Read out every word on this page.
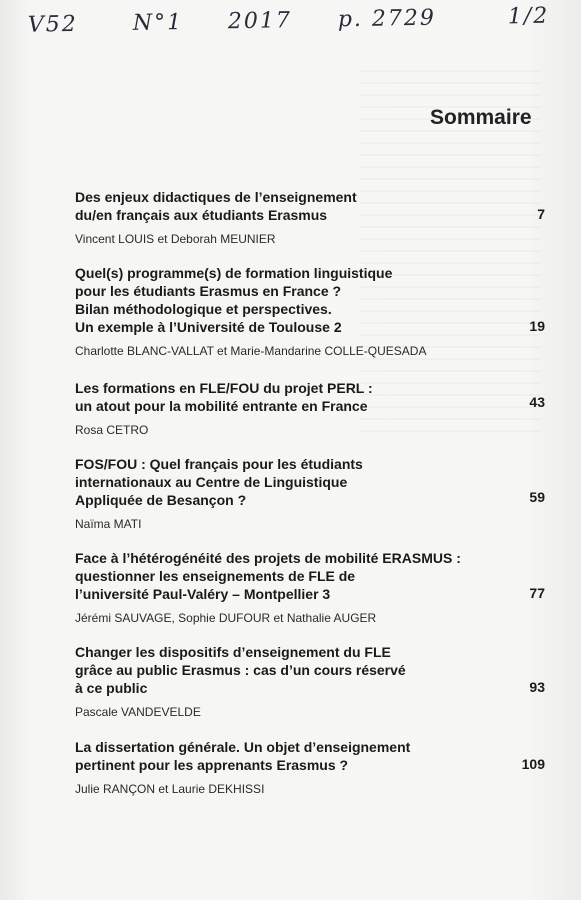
V52 N°1 2017 p. 2729	1/2
Sommaire
Des enjeux didactiques de l’enseignement
du/en français aux étudiants Erasmus	7
Vincent LOUIS et Deborah MEUNIER
Quel(s) programme(s) de formation linguistique
pour les étudiants Erasmus en France ?
Bilan méthodologique et perspectives.
Un exemple à l’Université de Toulouse 2	19
Charlotte BLANC-VALLAT et Marie-Mandarine COLLE-QUESADA
Les formations en FLE/FOU du projet PERL :
un atout pour la mobilité entrante en France	43
Rosa CETRO
FOS/FOU : Quel français pour les étudiants
internationaux au Centre de Linguistique
Appliquée de Besançon ?	59
Naïma MATI
Face à l’hétérogénéité des projets de mobilité ERASMUS :
questionner les enseignements de FLE de
l’université Paul-Valéry – Montpellier 3	77
Jérémi SAUVAGE, Sophie DUFOUR et Nathalie AUGER
Changer les dispositifs d’enseignement du FLE
grâce au public Erasmus : cas d’un cours réservé
à ce public	93
Pascale VANDEVELDE
La dissertation générale. Un objet d’enseignement
pertinent pour les apprenants Erasmus ?	109
Julie RANÇON et Laurie DEKHISSI
